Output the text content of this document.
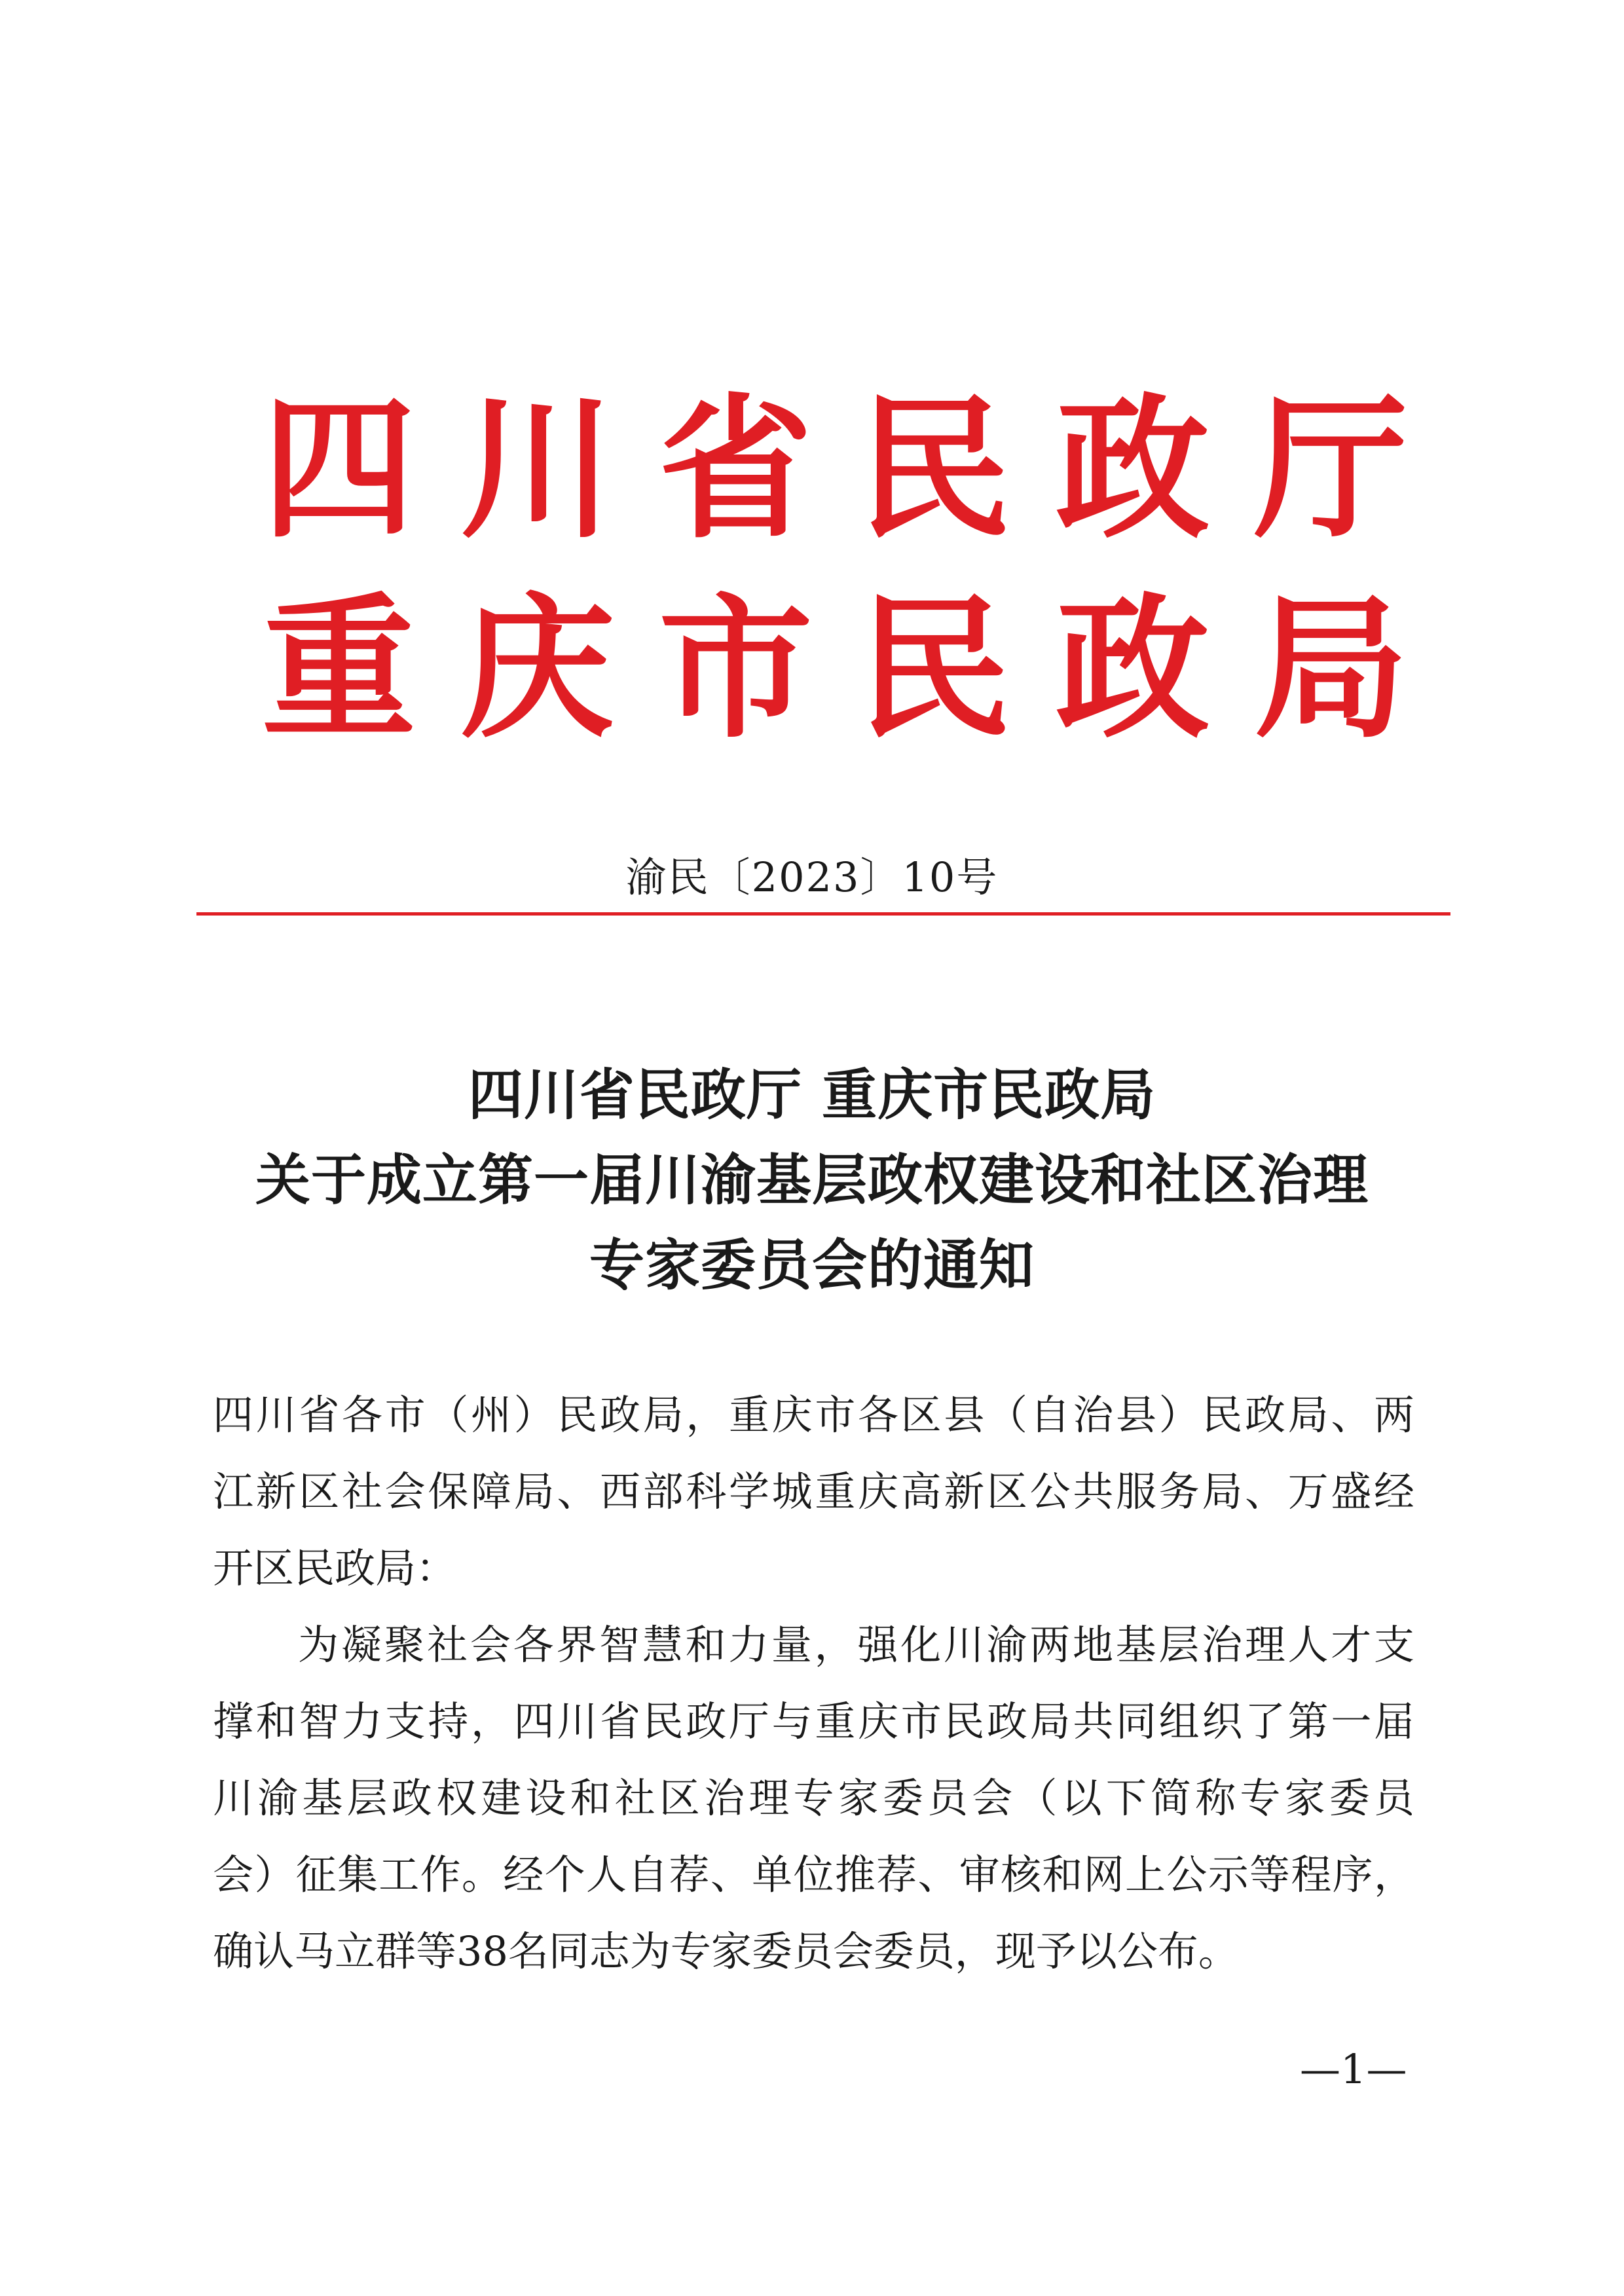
四 川 省 民 政 厅
重 庆 市 民 政 局
渝民〔2023〕10号
四川省民政厅 重庆市民政局
关于成立第一届川渝基层政权建设和社区治理
专家委员会的通知
四川省各市（州）民政局，重庆市各区县（自治县）民政局、两
江新区社会保障局、西部科学城重庆高新区公共服务局、万盛经
开区民政局：
为凝聚社会各界智慧和力量，强化川渝两地基层治理人才支
撑和智力支持，四川省民政厅与重庆市民政局共同组织了第一届
川渝基层政权建设和社区治理专家委员会（以下简称专家委员
会）征集工作。经个人自荐、单位推荐、审核和网上公示等程序，
确认马立群等38名同志为专家委员会委员，现予以公布。
—1—
